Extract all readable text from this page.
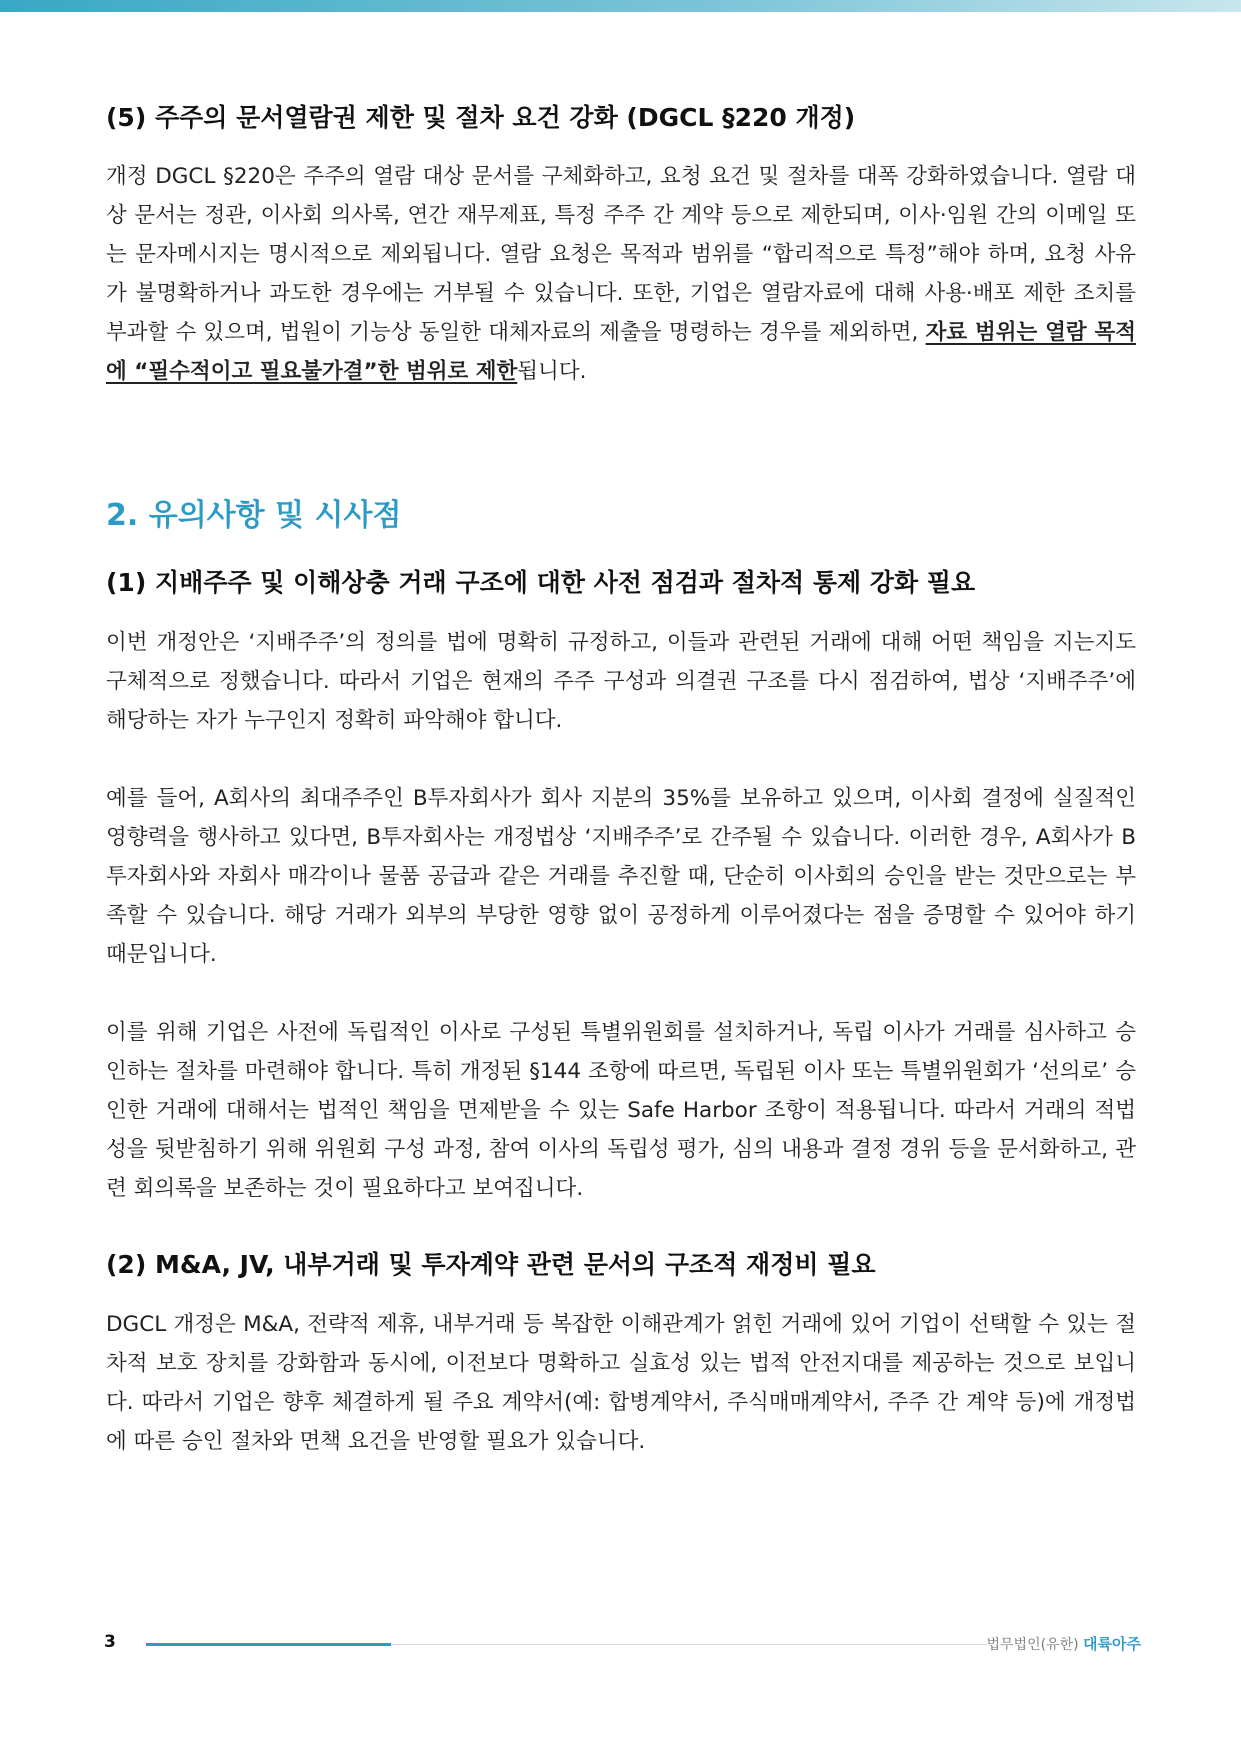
(5) 주주의 문서열람권 제한 및 절차 요건 강화 (DGCL §220 개정)

개정 DGCL §220은 주주의 열람 대상 문서를 구체화하고, 요청 요건 및 절차를 대폭 강화하였습니다. 열람 대상 문서는 정관, 이사회 의사록, 연간 재무제표, 특정 주주 간 계약 등으로 제한되며, 이사·임원 간의 이메일 또는 문자메시지는 명시적으로 제외됩니다. 열람 요청은 목적과 범위를 “합리적으로 특정”해야 하며, 요청 사유가 불명확하거나 과도한 경우에는 거부될 수 있습니다. 또한, 기업은 열람자료에 대해 사용·배포 제한 조치를 부과할 수 있으며, 법원이 기능상 동일한 대체자료의 제출을 명령하는 경우를 제외하면, 자료 범위는 열람 목적에 “필수적이고 필요불가결”한 범위로 제한됩니다.

2. 유의사항 및 시사점
(1) 지배주주 및 이해상충 거래 구조에 대한 사전 점검과 절차적 통제 강화 필요

이번 개정안은 ‘지배주주’의 정의를 법에 명확히 규정하고, 이들과 관련된 거래에 대해 어떤 책임을 지는지도 구체적으로 정했습니다. 따라서 기업은 현재의 주주 구성과 의결권 구조를 다시 점검하여, 법상 ‘지배주주’에 해당하는 자가 누구인지 정확히 파악해야 합니다.

예를 들어, A회사의 최대주주인 B투자회사가 회사 지분의 35%를 보유하고 있으며, 이사회 결정에 실질적인 영향력을 행사하고 있다면, B투자회사는 개정법상 ‘지배주주’로 간주될 수 있습니다. 이러한 경우, A회사가 B투자회사와 자회사 매각이나 물품 공급과 같은 거래를 추진할 때, 단순히 이사회의 승인을 받는 것만으로는 부족할 수 있습니다. 해당 거래가 외부의 부당한 영향 없이 공정하게 이루어졌다는 점을 증명할 수 있어야 하기 때문입니다.

이를 위해 기업은 사전에 독립적인 이사로 구성된 특별위원회를 설치하거나, 독립 이사가 거래를 심사하고 승인하는 절차를 마련해야 합니다. 특히 개정된 §144 조항에 따르면, 독립된 이사 또는 특별위원회가 ‘선의로’ 승인한 거래에 대해서는 법적인 책임을 면제받을 수 있는 Safe Harbor 조항이 적용됩니다. 따라서 거래의 적법성을 뒷받침하기 위해 위원회 구성 과정, 참여 이사의 독립성 평가, 심의 내용과 결정 경위 등을 문서화하고, 관련 회의록을 보존하는 것이 필요하다고 보여집니다.

(2) M&A, JV, 내부거래 및 투자계약 관련 문서의 구조적 재정비 필요

DGCL 개정은 M&A, 전략적 제휴, 내부거래 등 복잡한 이해관계가 얽힌 거래에 있어 기업이 선택할 수 있는 절차적 보호 장치를 강화함과 동시에, 이전보다 명확하고 실효성 있는 법적 안전지대를 제공하는 것으로 보입니다. 따라서 기업은 향후 체결하게 될 주요 계약서(예: 합병계약서, 주식매매계약서, 주주 간 계약 등)에 개정법에 따른 승인 절차와 면책 요건을 반영할 필요가 있습니다.

3	법무법인(유한) 대륙아주
